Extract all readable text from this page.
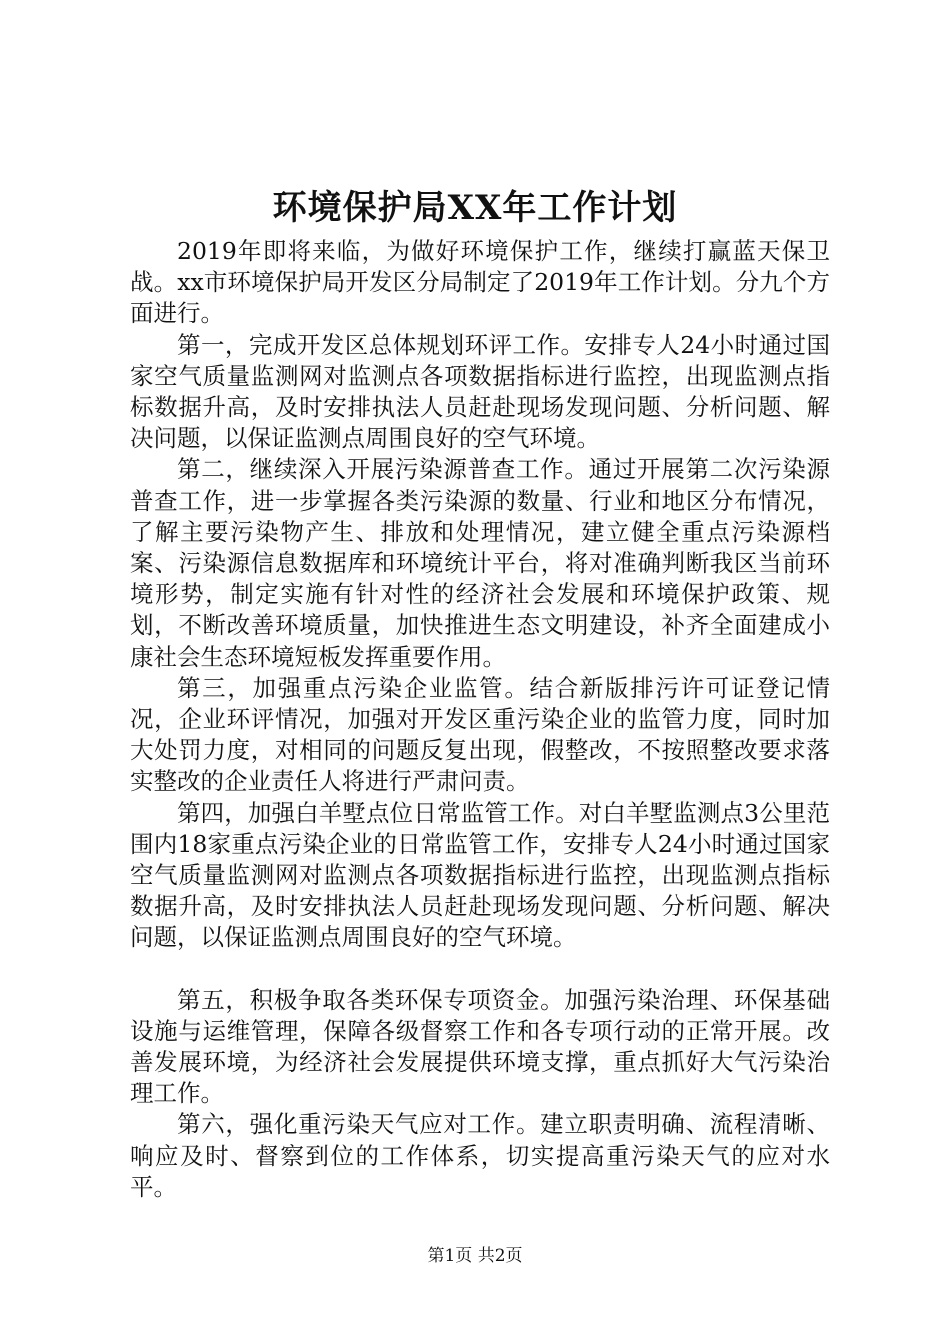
环境保护局XX年工作计划

2019年即将来临，为做好环境保护工作，继续打赢蓝天保卫战。xx市环境保护局开发区分局制定了2019年工作计划。分九个方面进行。

第一，完成开发区总体规划环评工作。安排专人24小时通过国家空气质量监测网对监测点各项数据指标进行监控，出现监测点指标数据升高，及时安排执法人员赶赴现场发现问题、分析问题、解决问题，以保证监测点周围良好的空气环境。

第二，继续深入开展污染源普查工作。通过开展第二次污染源普查工作，进一步掌握各类污染源的数量、行业和地区分布情况，了解主要污染物产生、排放和处理情况，建立健全重点污染源档案、污染源信息数据库和环境统计平台，将对准确判断我区当前环境形势，制定实施有针对性的经济社会发展和环境保护政策、规划，不断改善环境质量，加快推进生态文明建设，补齐全面建成小康社会生态环境短板发挥重要作用。

第三，加强重点污染企业监管。结合新版排污许可证登记情况，企业环评情况，加强对开发区重污染企业的监管力度，同时加大处罚力度，对相同的问题反复出现，假整改，不按照整改要求落实整改的企业责任人将进行严肃问责。

第四，加强白羊墅点位日常监管工作。对白羊墅监测点3公里范围内18家重点污染企业的日常监管工作，安排专人24小时通过国家空气质量监测网对监测点各项数据指标进行监控，出现监测点指标数据升高，及时安排执法人员赶赴现场发现问题、分析问题、解决问题，以保证监测点周围良好的空气环境。

第五，积极争取各类环保专项资金。加强污染治理、环保基础设施与运维管理，保障各级督察工作和各专项行动的正常开展。改善发展环境，为经济社会发展提供环境支撑，重点抓好大气污染治理工作。

第六，强化重污染天气应对工作。建立职责明确、流程清晰、响应及时、督察到位的工作体系，切实提高重污染天气的应对水平。

第1页 共2页
